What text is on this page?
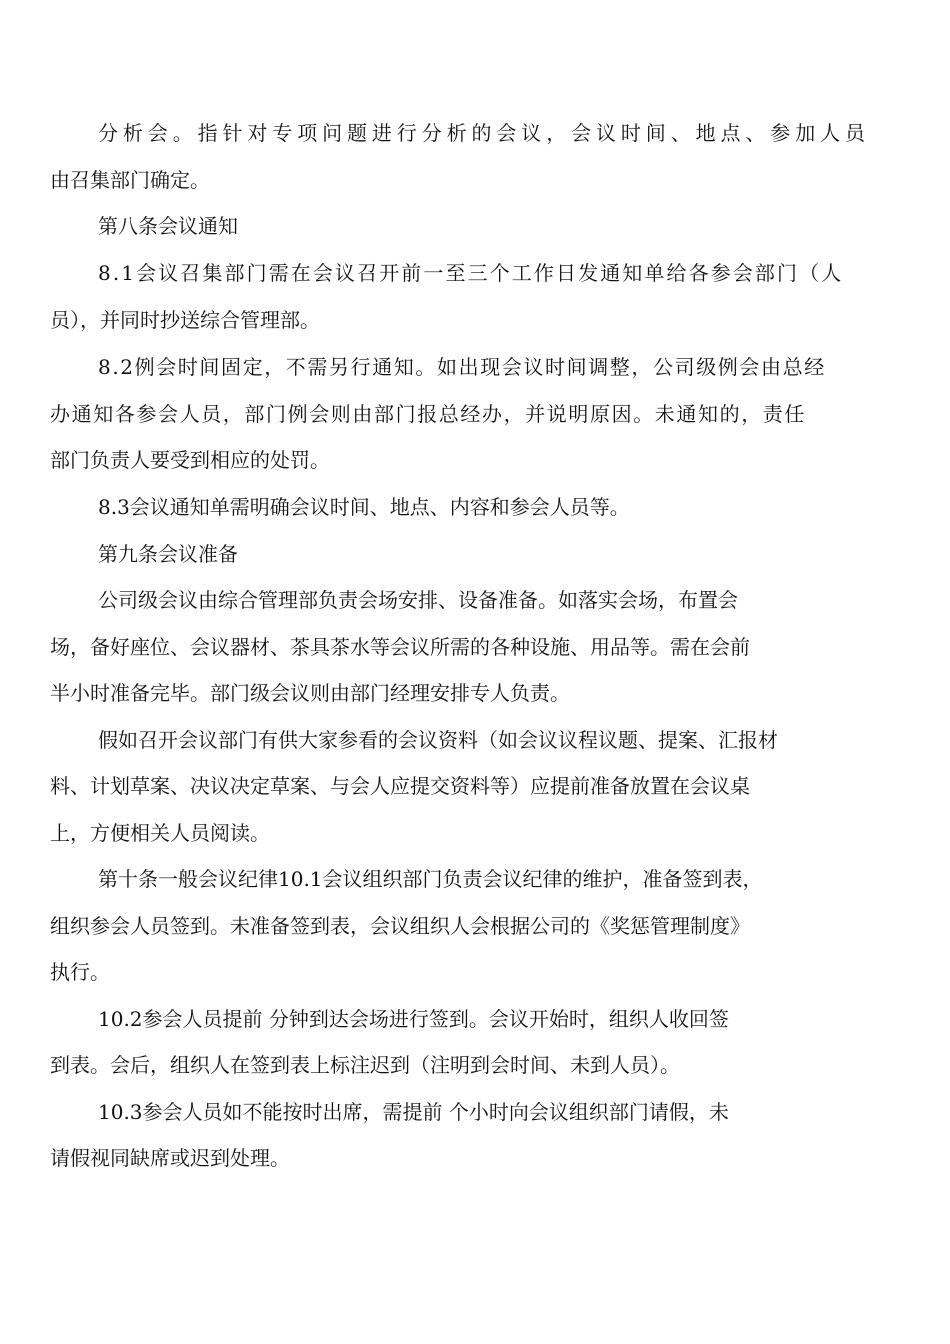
分析会。指针对专项问题进行分析的会议，会议时间、地点、参加人员
由召集部门确定。
第八条会议通知
8.1会议召集部门需在会议召开前一至三个工作日发通知单给各参会部门（人
员），并同时抄送综合管理部。
8.2例会时间固定，不需另行通知。如出现会议时间调整，公司级例会由总经
办通知各参会人员，部门例会则由部门报总经办，并说明原因。未通知的，责任
部门负责人要受到相应的处罚。
8.3会议通知单需明确会议时间、地点、内容和参会人员等。
第九条会议准备
公司级会议由综合管理部负责会场安排、设备准备。如落实会场，布置会
场，备好座位、会议器材、茶具茶水等会议所需的各种设施、用品等。需在会前
半小时准备完毕。部门级会议则由部门经理安排专人负责。
假如召开会议部门有供大家参看的会议资料（如会议议程议题、提案、汇报材
料、计划草案、决议决定草案、与会人应提交资料等）应提前准备放置在会议桌
上，方便相关人员阅读。
第十条一般会议纪律10.1会议组织部门负责会议纪律的维护，准备签到表，
组织参会人员签到。未准备签到表，会议组织人会根据公司的《奖惩管理制度》
执行。
10.2参会人员提前 分钟到达会场进行签到。会议开始时，组织人收回签
到表。会后，组织人在签到表上标注迟到（注明到会时间、未到人员）。
10.3参会人员如不能按时出席，需提前 个小时向会议组织部门请假，未
请假视同缺席或迟到处理。
